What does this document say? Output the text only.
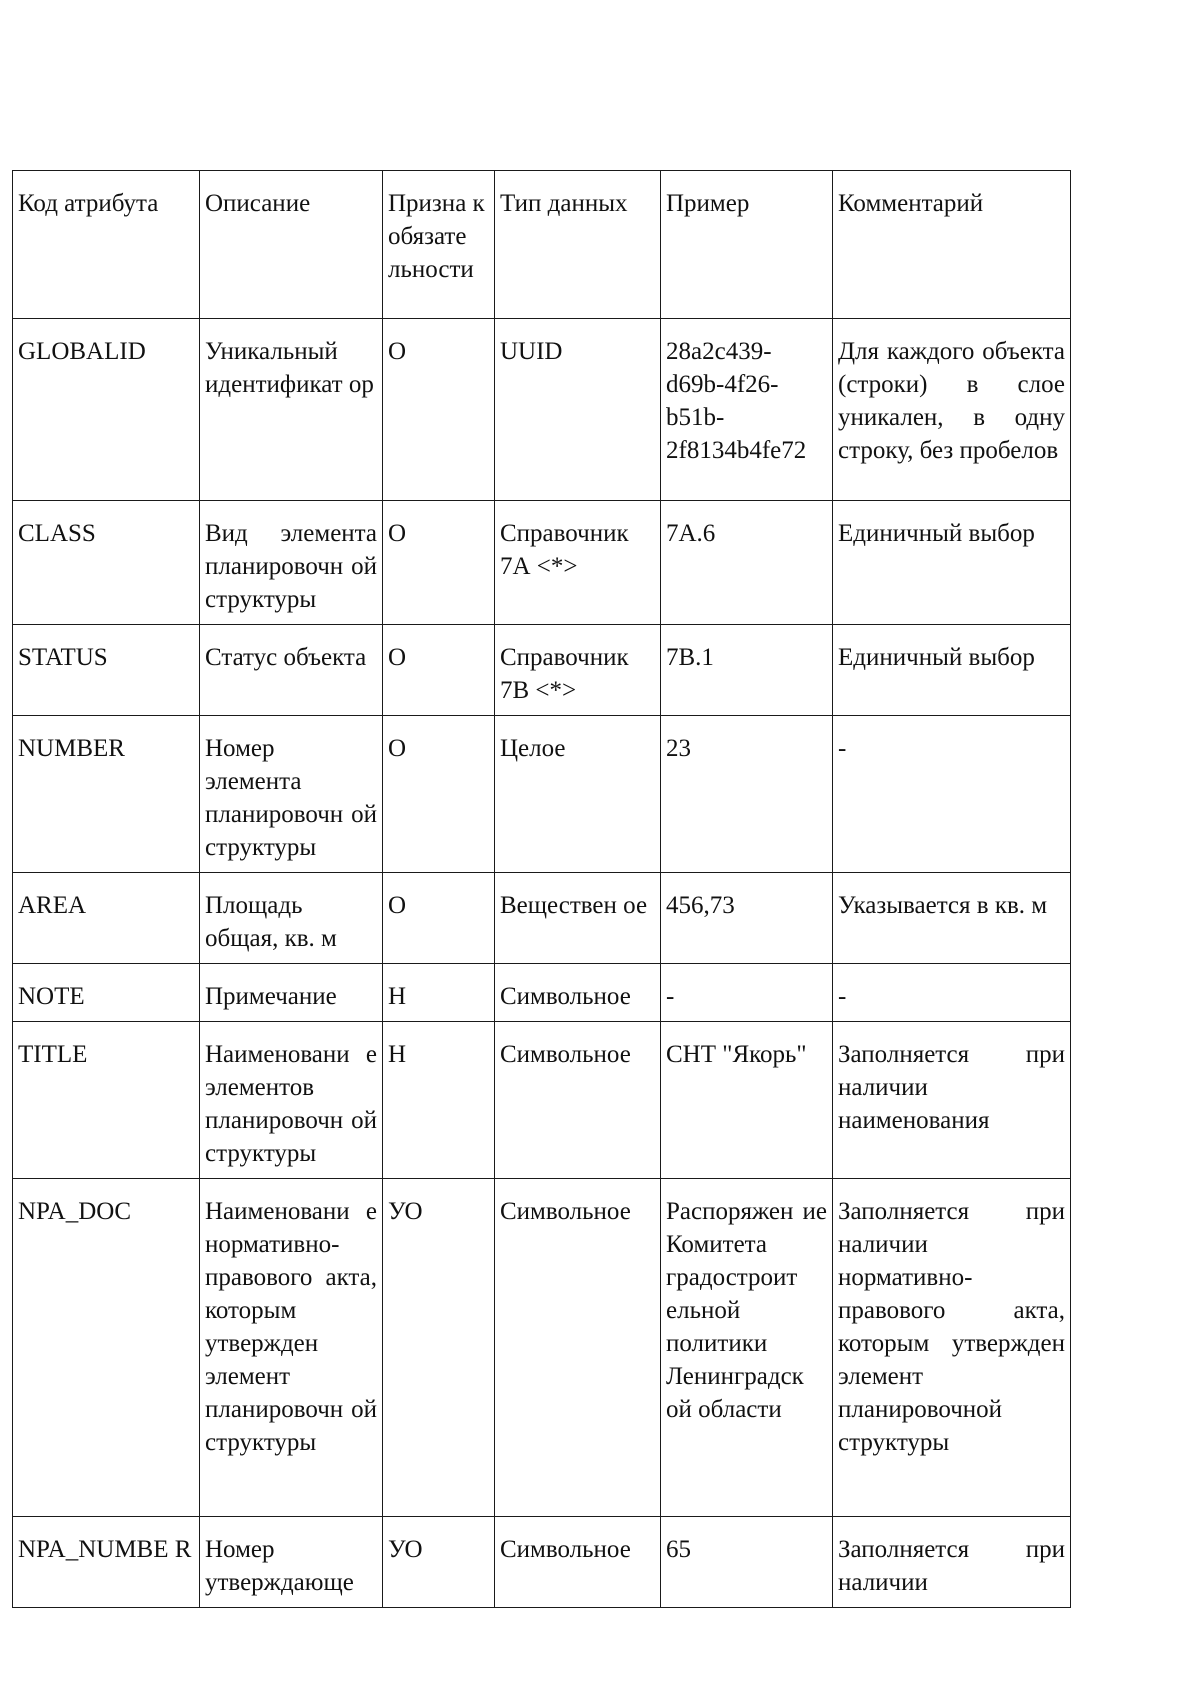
Код атрибута	Описание	Призна к обязате льности	Тип данных	Пример	Комментарий
GLOBALID	Уникальный идентификат ор	О	UUID	28a2c439- d69b-4f26- b51b- 2f8134b4fe72	Для каждого объекта (строки) в слое уникален, в одну строку, без пробелов
CLASS	Вид элемента планировочн ой структуры	О	Справочник 7А <*>	7А.6	Единичный выбор
STATUS	Статус объекта	О	Справочник 7В <*>	7В.1	Единичный выбор
NUMBER	Номер элемента планировочн ой структуры	О	Целое	23	-
AREA	Площадь общая, кв. м	О	Веществен ое	456,73	Указывается в кв. м
NOTE	Примечание	Н	Символьное	-	-
TITLE	Наименовани е элементов планировочн ой структуры	Н	Символьное	СНТ "Якорь"	Заполняется при наличии наименования
NPA_DOC	Наименовани е нормативно- правового акта, которым утвержден элемент планировочн ой структуры	УО	Символьное	Распоряжен ие Комитета градостроит ельной политики Ленинградск ой области	Заполняется при наличии нормативно- правового акта, которым утвержден элемент планировочной структуры
NPA_NUMBE R	Номер утверждающе	УО	Символьное	65	Заполняется при наличии
